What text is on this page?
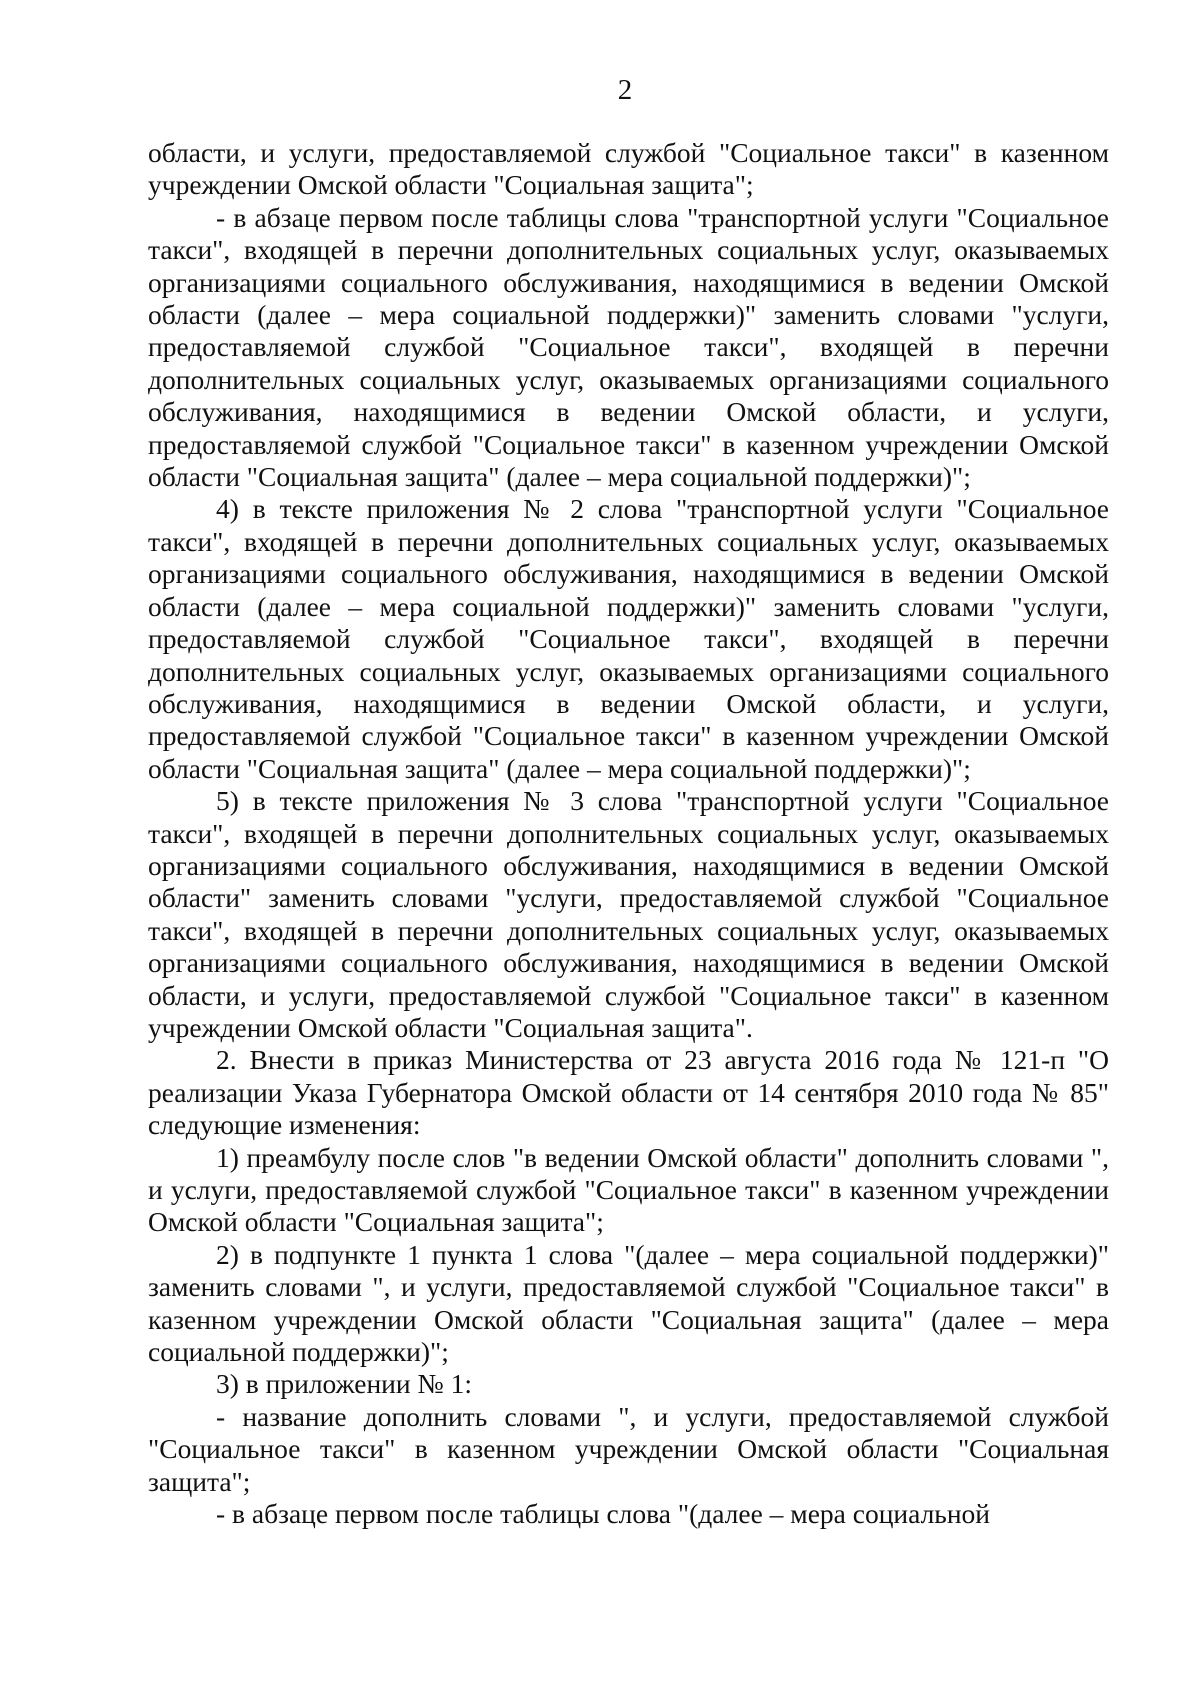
2

области, и услуги, предоставляемой службой "Социальное такси" в казенном учреждении Омской области "Социальная защита";

- в абзаце первом после таблицы слова "транспортной услуги "Социальное такси", входящей в перечни дополнительных социальных услуг, оказываемых организациями социального обслуживания, находящимися в ведении Омской области (далее – мера социальной поддержки)" заменить словами "услуги, предоставляемой службой "Социальное такси", входящей в перечни дополнительных социальных услуг, оказываемых организациями социального обслуживания, находящимися в ведении Омской области, и услуги, предоставляемой службой "Социальное такси" в казенном учреждении Омской области "Социальная защита" (далее – мера социальной поддержки)";

4) в тексте приложения № 2 слова "транспортной услуги "Социальное такси", входящей в перечни дополнительных социальных услуг, оказываемых организациями социального обслуживания, находящимися в ведении Омской области (далее – мера социальной поддержки)" заменить словами "услуги, предоставляемой службой "Социальное такси", входящей в перечни дополнительных социальных услуг, оказываемых организациями социального обслуживания, находящимися в ведении Омской области, и услуги, предоставляемой службой "Социальное такси" в казенном учреждении Омской области "Социальная защита" (далее – мера социальной поддержки)";

5) в тексте приложения № 3 слова "транспортной услуги "Социальное такси", входящей в перечни дополнительных социальных услуг, оказываемых организациями социального обслуживания, находящимися в ведении Омской области" заменить словами "услуги, предоставляемой службой "Социальное такси", входящей в перечни дополнительных социальных услуг, оказываемых организациями социального обслуживания, находящимися в ведении Омской области, и услуги, предоставляемой службой "Социальное такси" в казенном учреждении Омской области "Социальная защита".

2. Внести в приказ Министерства от 23 августа 2016 года № 121-п "О реализации Указа Губернатора Омской области от 14 сентября 2010 года № 85" следующие изменения:

1) преамбулу после слов "в ведении Омской области" дополнить словами ", и услуги, предоставляемой службой "Социальное такси" в казенном учреждении Омской области "Социальная защита";

2) в подпункте 1 пункта 1 слова "(далее – мера социальной поддержки)" заменить словами ", и услуги, предоставляемой службой "Социальное такси" в казенном учреждении Омской области "Социальная защита" (далее – мера социальной поддержки)";

3) в приложении № 1:

- название дополнить словами ", и услуги, предоставляемой службой "Социальное такси" в казенном учреждении Омской области "Социальная защита";

- в абзаце первом после таблицы слова "(далее – мера социальной
